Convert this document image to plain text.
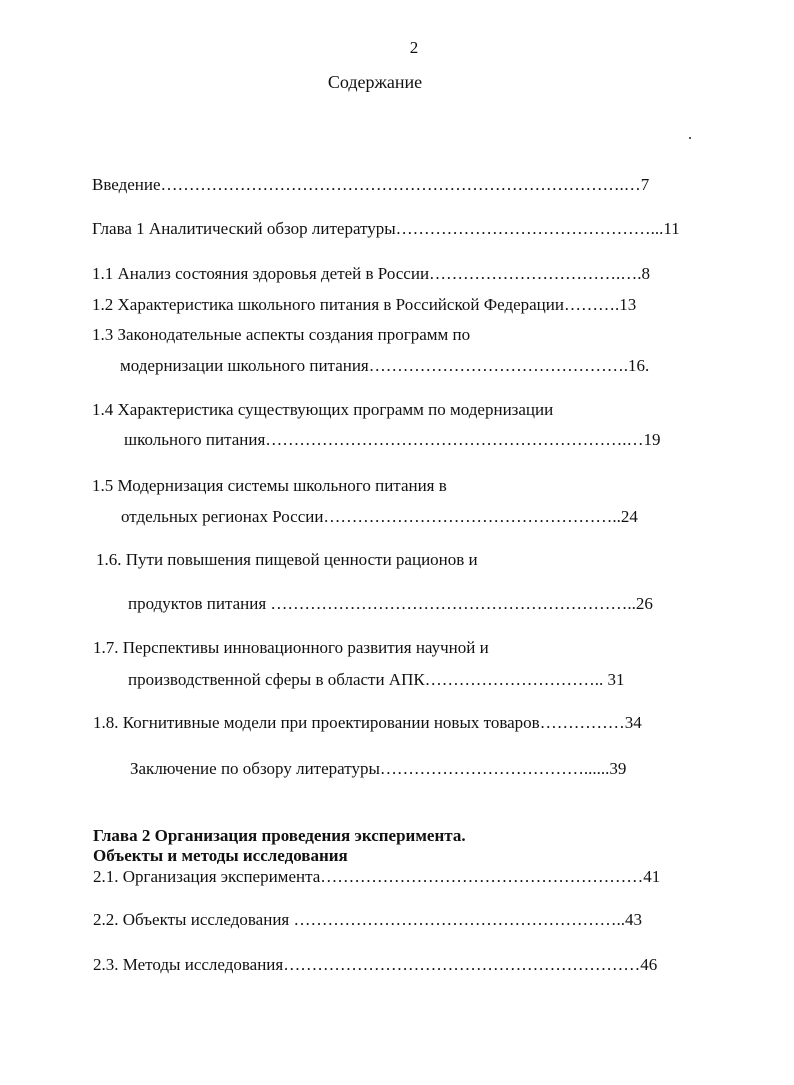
2
Содержание
Введение……………………………………………………………………….…7
Глава 1 Аналитический обзор литературы………………………………………...11
1.1 Анализ состояния здоровья детей в России…………………………….….8
1.2 Характеристика школьного питания в Российской Федерации……….13
1.3 Законодательные аспекты создания программ по
модернизации школьного питания……………………………………….16.
1.4 Характеристика существующих программ по модернизации
школьного питания……………………………………………………….…19
1.5 Модернизация системы школьного питания в
отдельных регионах России……………………………………………..24
1.6. Пути повышения пищевой ценности рационов и
продуктов питания ………………………………………………………..26
1.7. Перспективы инновационного развития научной и
производственной сферы в области АПК………………………….. 31
1.8. Когнитивные модели при проектировании новых товаров……………34
Заключение по обзору литературы………………………………......39
Глава 2 Организация проведения эксперимента.
Объекты и методы исследования
2.1. Организация эксперимента…………………………………………………41
2.2. Объекты исследования …………………………………………………..43
2.3. Методы исследования………………………………………………………46
